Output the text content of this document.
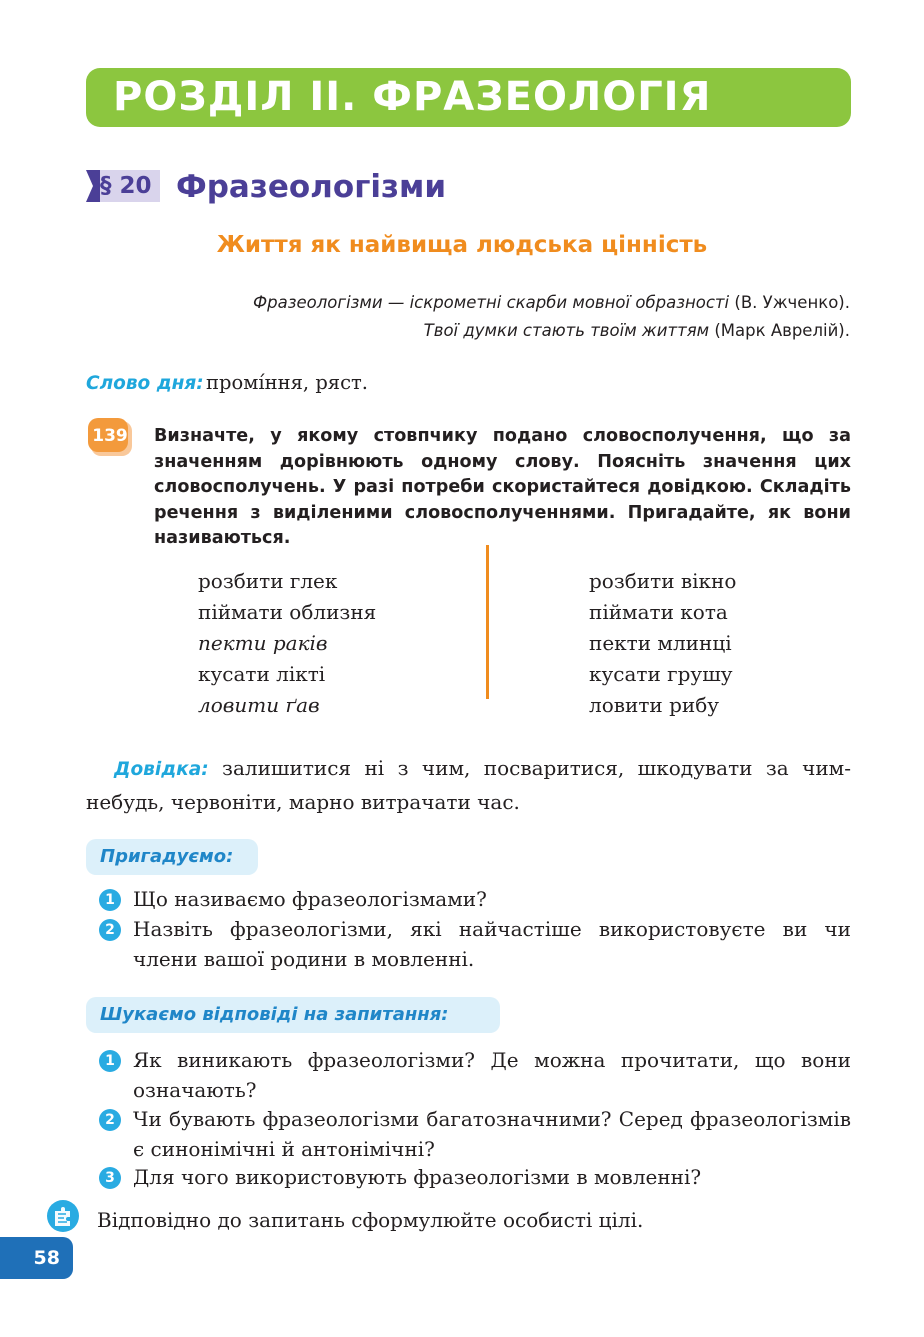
РОЗДІЛ ІІ. ФРАЗЕОЛОГІЯ
§ 20 Фразеологізми
Життя як найвища людська цінність
Фразеологізми — іскрометні скарби мовної образності (В. Ужченко).
Твої думки стають твоїм життям (Марк Аврелій).
Слово дня: промі́ння, ряст.
139 Визначте, у якому стовпчику подано словосполучення, що за значенням дорівнюють одному слову. Поясніть значення цих словосполучень. У разі потреби скористайтеся довідкою. Складіть речення з виділеними словосполученнями. Пригадайте, як вони називаються.
розбити глек
піймати облизня
пекти раків
кусати лікті
ловити ґав
розбити вікно
піймати кота
пекти млинці
кусати грушу
ловити рибу
Довідка: залишитися ні з чим, посваритися, шкодувати за чим-небудь, червоніти, марно витрачати час.
Пригадуємо:
1 Що називаємо фразеологізмами?
2 Назвіть фразеологізми, які найчастіше використовуєте ви чи члени вашої родини в мовленні.
Шукаємо відповіді на запитання:
1 Як виникають фразеологізми? Де можна прочитати, що вони означають?
2 Чи бувають фразеологізми багатозначними? Серед фразеологізмів є синонімічні й антонімічні?
3 Для чого використовують фразеологізми в мовленні?
Відповідно до запитань сформулюйте особисті цілі.
58
